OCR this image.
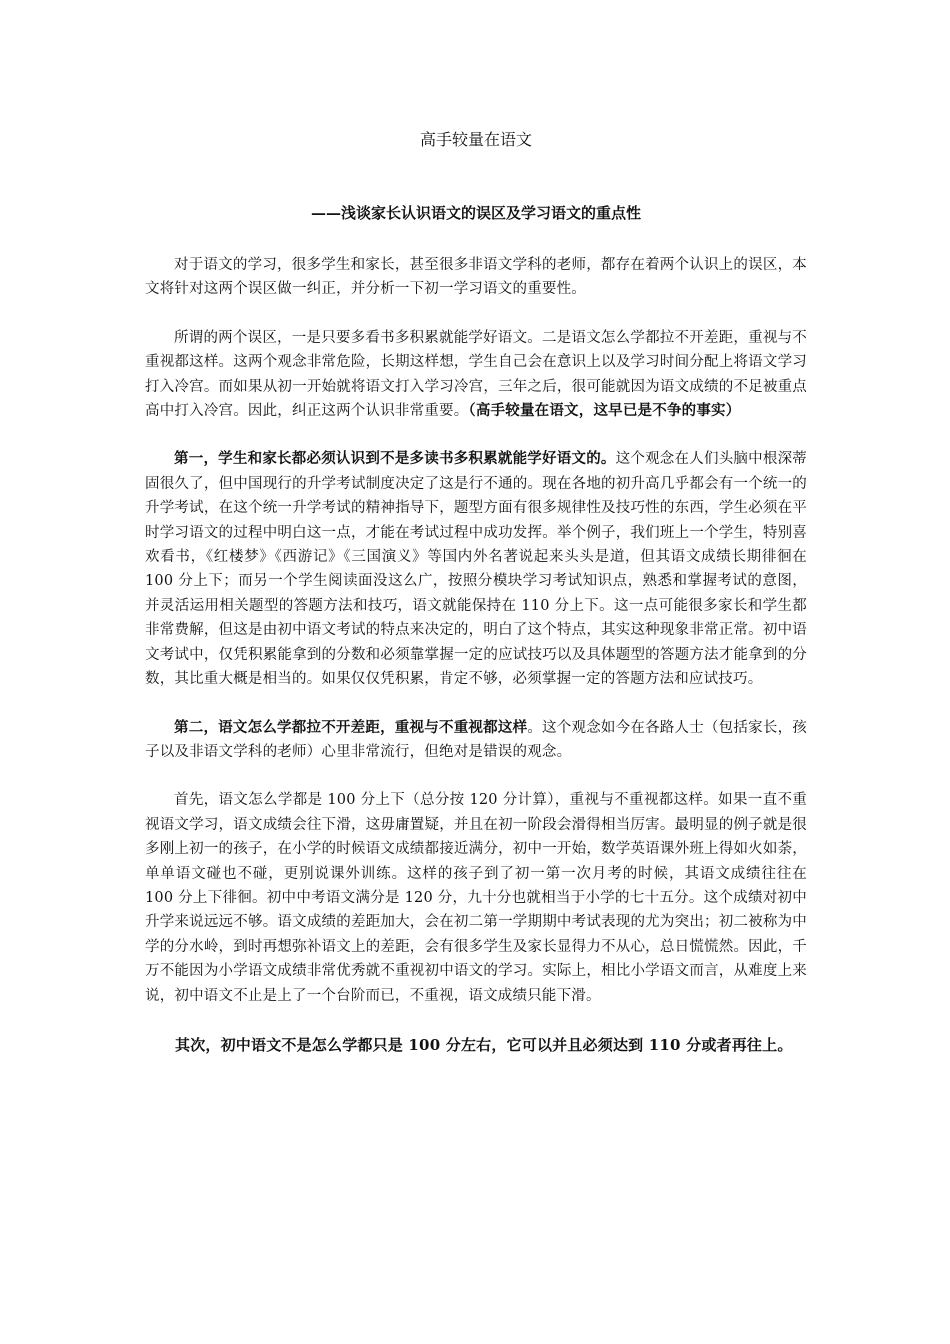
高手较量在语文
——浅谈家长认识语文的误区及学习语文的重点性

对于语文的学习，很多学生和家长，甚至很多非语文学科的老师，都存在着两个认识上的误区，本文将针对这两个误区做一纠正，并分析一下初一学习语文的重要性。

所谓的两个误区，一是只要多看书多积累就能学好语文。二是语文怎么学都拉不开差距，重视与不重视都这样。这两个观念非常危险，长期这样想，学生自己会在意识上以及学习时间分配上将语文学习打入冷宫。而如果从初一开始就将语文打入学习冷宫，三年之后，很可能就因为语文成绩的不足被重点高中打入冷宫。因此，纠正这两个认识非常重要。（高手较量在语文，这早已是不争的事实）

第一，学生和家长都必须认识到不是多读书多积累就能学好语文的。这个观念在人们头脑中根深蒂固很久了，但中国现行的升学考试制度决定了这是行不通的。现在各地的初升高几乎都会有一个统一的升学考试，在这个统一升学考试的精神指导下，题型方面有很多规律性及技巧性的东西，学生必须在平时学习语文的过程中明白这一点，才能在考试过程中成功发挥。举个例子，我们班上一个学生，特别喜欢看书，《红楼梦》《西游记》《三国演义》等国内外名著说起来头头是道，但其语文成绩长期徘徊在 100 分上下；而另一个学生阅读面没这么广，按照分模块学习考试知识点，熟悉和掌握考试的意图，并灵活运用相关题型的答题方法和技巧，语文就能保持在 110 分上下。这一点可能很多家长和学生都非常费解，但这是由初中语文考试的特点来决定的，明白了这个特点，其实这种现象非常正常。初中语文考试中，仅凭积累能拿到的分数和必须靠掌握一定的应试技巧以及具体题型的答题方法才能拿到的分数，其比重大概是相当的。如果仅仅凭积累，肯定不够，必须掌握一定的答题方法和应试技巧。

第二，语文怎么学都拉不开差距，重视与不重视都这样。这个观念如今在各路人士（包括家长，孩子以及非语文学科的老师）心里非常流行，但绝对是错误的观念。

首先，语文怎么学都是 100 分上下（总分按 120 分计算），重视与不重视都这样。如果一直不重视语文学习，语文成绩会往下滑，这毋庸置疑，并且在初一阶段会滑得相当厉害。最明显的例子就是很多刚上初一的孩子，在小学的时候语文成绩都接近满分，初中一开始，数学英语课外班上得如火如荼，单单语文碰也不碰，更别说课外训练。这样的孩子到了初一第一次月考的时候，其语文成绩往往在 100 分上下徘徊。初中中考语文满分是 120 分，九十分也就相当于小学的七十五分。这个成绩对初中升学来说远远不够。语文成绩的差距加大，会在初二第一学期期中考试表现的尤为突出；初二被称为中学的分水岭，到时再想弥补语文上的差距，会有很多学生及家长显得力不从心，总日慌慌然。因此，千万不能因为小学语文成绩非常优秀就不重视初中语文的学习。实际上，相比小学语文而言，从难度上来说，初中语文不止是上了一个台阶而已，不重视，语文成绩只能下滑。

其次，初中语文不是怎么学都只是 100 分左右，它可以并且必须达到 110 分或者再往上。
